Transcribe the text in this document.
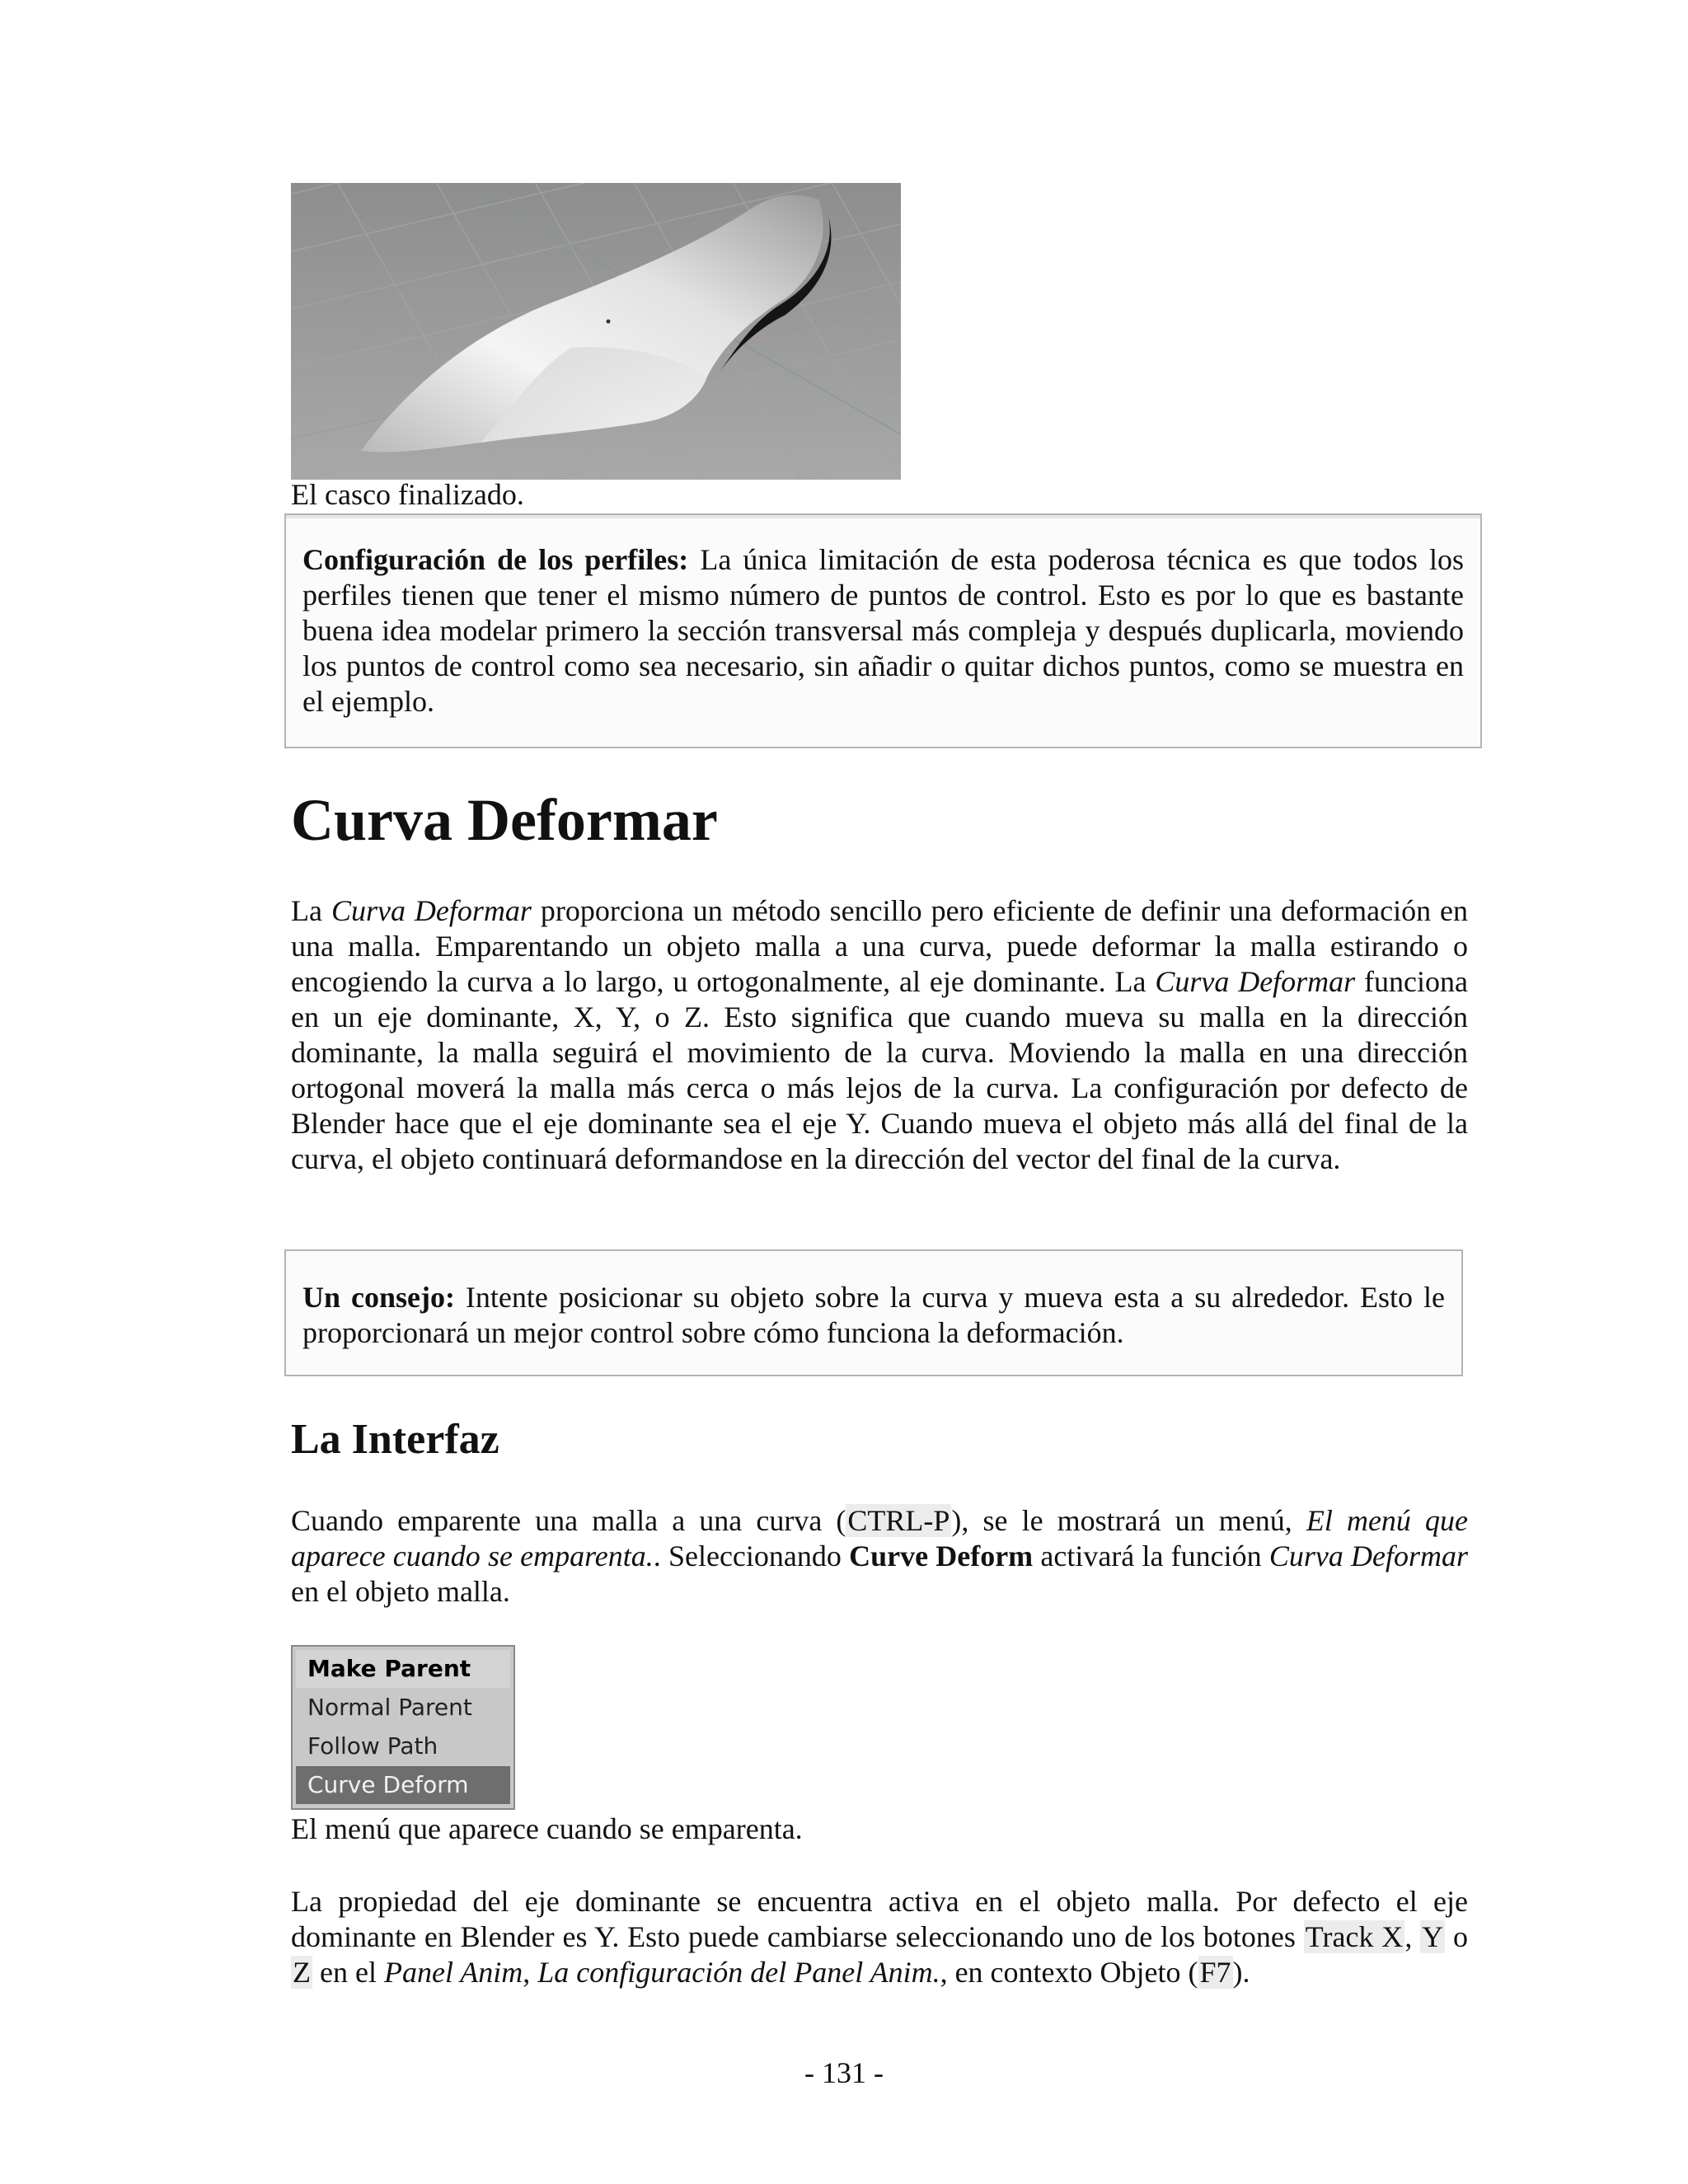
El casco finalizado.

Configuración de los perfiles: La única limitación de esta poderosa técnica es que todos los perfiles tienen que tener el mismo número de puntos de control. Esto es por lo que es bastante buena idea modelar primero la sección transversal más compleja y después duplicarla, moviendo los puntos de control como sea necesario, sin añadir o quitar dichos puntos, como se muestra en el ejemplo.

Curva Deformar

La Curva Deformar proporciona un método sencillo pero eficiente de definir una deformación en una malla. Emparentando un objeto malla a una curva, puede deformar la malla estirando o encogiendo la curva a lo largo, u ortogonalmente, al eje dominante. La Curva Deformar funciona en un eje dominante, X, Y, o Z. Esto significa que cuando mueva su malla en la dirección dominante, la malla seguirá el movimiento de la curva. Moviendo la malla en una dirección ortogonal moverá la malla más cerca o más lejos de la curva. La configuración por defecto de Blender hace que el eje dominante sea el eje Y. Cuando mueva el objeto más allá del final de la curva, el objeto continuará deformandose en la dirección del vector del final de la curva.

Un consejo: Intente posicionar su objeto sobre la curva y mueva esta a su alrededor. Esto le proporcionará un mejor control sobre cómo funciona la deformación.

La Interfaz

Cuando emparente una malla a una curva (CTRL-P), se le mostrará un menú, El menú que aparece cuando se emparenta.. Seleccionando Curve Deform activará la función Curva Deformar en el objeto malla.

Make Parent
Normal Parent
Follow Path
Curve Deform

El menú que aparece cuando se emparenta.

La propiedad del eje dominante se encuentra activa en el objeto malla. Por defecto el eje dominante en Blender es Y. Esto puede cambiarse seleccionando uno de los botones Track X, Y o Z en el Panel Anim, La configuración del Panel Anim., en contexto Objeto (F7).

- 131 -
